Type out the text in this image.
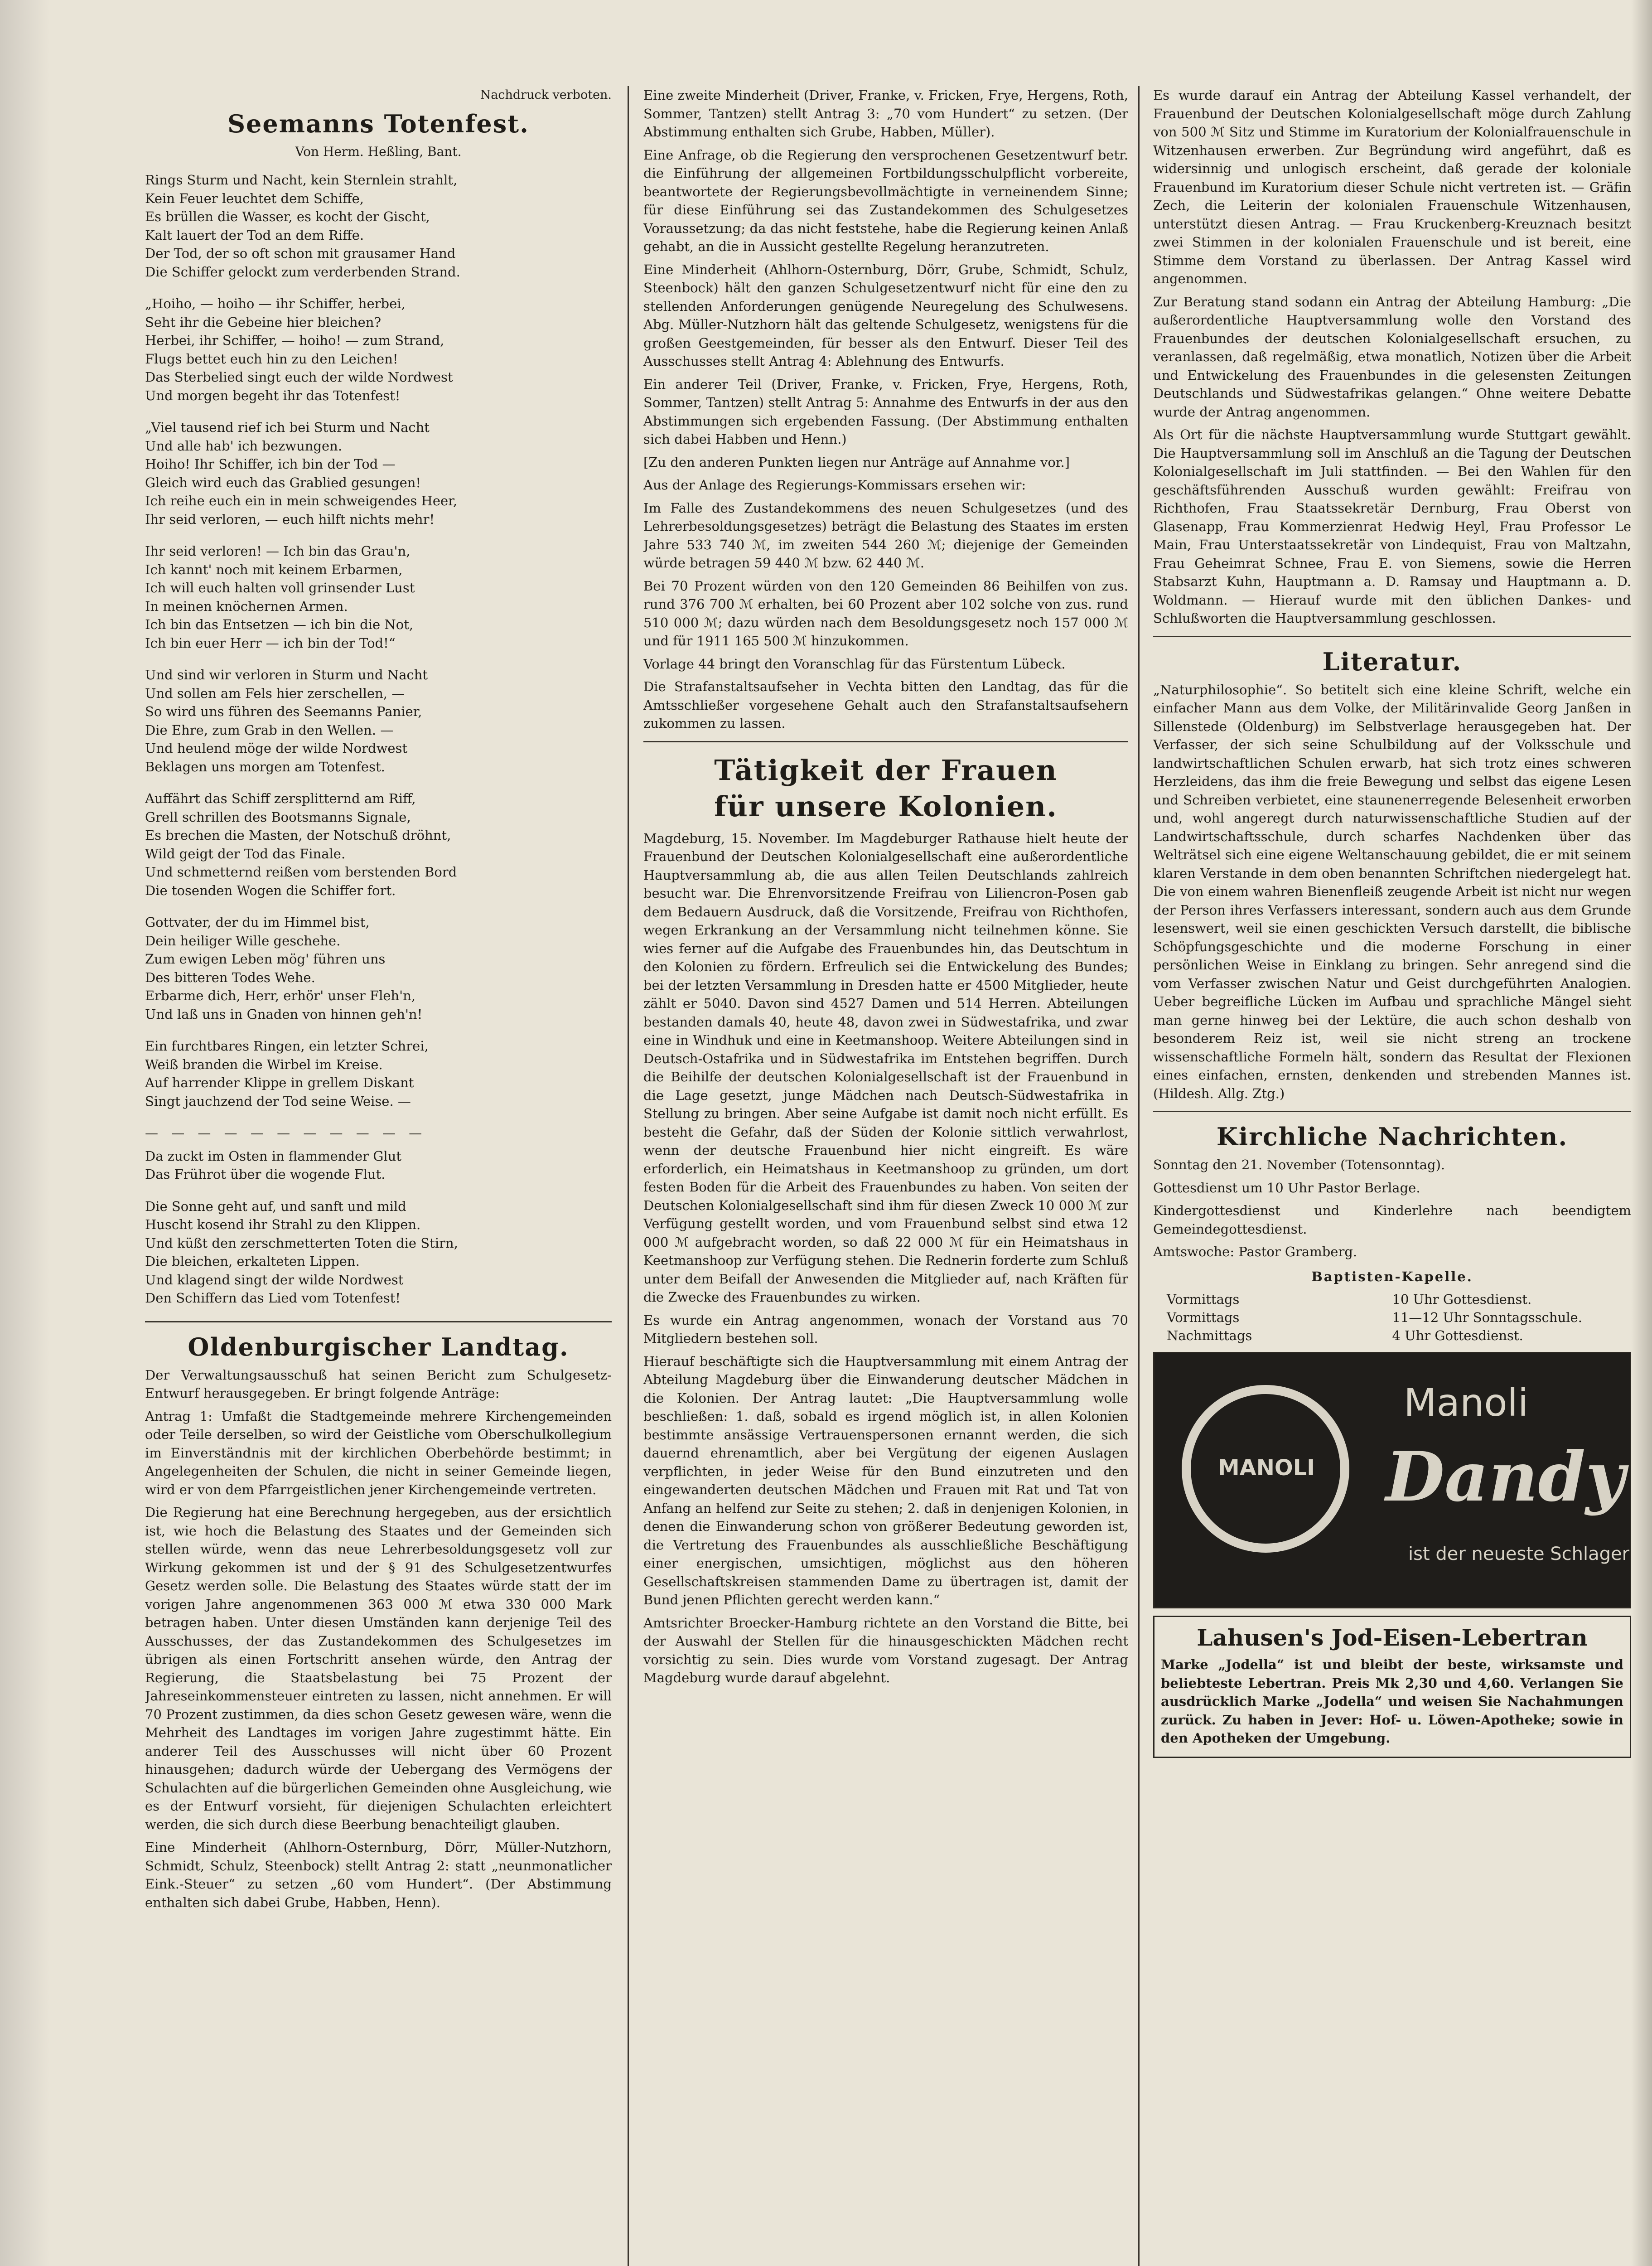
Nachdruck verboten.

Seemanns Totenfest.

Von Herm. Heßling, Bant.

Rings Sturm und Nacht, kein Sternlein strahlt,

Kein Feuer leuchtet dem Schiffe,

Es brüllen die Wasser, es kocht der Gischt,

Kalt lauert der Tod an dem Riffe.

Der Tod, der so oft schon mit grausamer Hand

Die Schiffer gelockt zum verderbenden Strand.

„Hoiho, — hoiho — ihr Schiffer, herbei,

Seht ihr die Gebeine hier bleichen?

Herbei, ihr Schiffer, — hoiho! — zum Strand,

Flugs bettet euch hin zu den Leichen!

Das Sterbelied singt euch der wilde Nordwest

Und morgen begeht ihr das Totenfest!

„Viel tausend rief ich bei Sturm und Nacht

Und alle hab' ich bezwungen.

Hoiho! Ihr Schiffer, ich bin der Tod —

Gleich wird euch das Grablied gesungen!

Ich reihe euch ein in mein schweigendes Heer,

Ihr seid verloren, — euch hilft nichts mehr!

Ihr seid verloren! — Ich bin das Grau'n,

Ich kannt' noch mit keinem Erbarmen,

Ich will euch halten voll grinsender Lust

In meinen knöchernen Armen.

Ich bin das Entsetzen — ich bin die Not,

Ich bin euer Herr — ich bin der Tod!“

Und sind wir verloren in Sturm und Nacht

Und sollen am Fels hier zerschellen, —

So wird uns führen des Seemanns Panier,

Die Ehre, zum Grab in den Wellen. —

Und heulend möge der wilde Nordwest

Beklagen uns morgen am Totenfest.

Auffährt das Schiff zersplitternd am Riff,

Grell schrillen des Bootsmanns Signale,

Es brechen die Masten, der Notschuß dröhnt,

Wild geigt der Tod das Finale.

Und schmetternd reißen vom berstenden Bord

Die tosenden Wogen die Schiffer fort.

Gottvater, der du im Himmel bist,

Dein heiliger Wille geschehe.

Zum ewigen Leben mög' führen uns

Des bitteren Todes Wehe.

Erbarme dich, Herr, erhör' unser Fleh'n,

Und laß uns in Gnaden von hinnen geh'n!

Ein furchtbares Ringen, ein letzter Schrei,

Weiß branden die Wirbel im Kreise.

Auf harrender Klippe in grellem Diskant

Singt jauchzend der Tod seine Weise. —

— — — — — — — — — — —

Da zuckt im Osten in flammender Glut

Das Frührot über die wogende Flut.

Die Sonne geht auf, und sanft und mild

Huscht kosend ihr Strahl zu den Klippen.

Und küßt den zerschmetterten Toten die Stirn,

Die bleichen, erkalteten Lippen.

Und klagend singt der wilde Nordwest

Den Schiffern das Lied vom Totenfest!

Oldenburgischer Landtag.

Der Verwaltungsausschuß hat seinen Bericht zum Schulgesetz-Entwurf herausgegeben. Er bringt folgende Anträge:

Antrag 1: Umfaßt die Stadtgemeinde mehrere Kirchengemeinden oder Teile derselben, so wird der Geistliche vom Oberschulkollegium im Einverständnis mit der kirchlichen Oberbehörde bestimmt; in Angelegenheiten der Schulen, die nicht in seiner Gemeinde liegen, wird er von dem Pfarrgeistlichen jener Kirchengemeinde vertreten.

Die Regierung hat eine Berechnung hergegeben, aus der ersichtlich ist, wie hoch die Belastung des Staates und der Gemeinden sich stellen würde, wenn das neue Lehrerbesoldungsgesetz voll zur Wirkung gekommen ist und der § 91 des Schulgesetzentwurfes Gesetz werden solle. Die Belastung des Staates würde statt der im vorigen Jahre angenommenen 363 000 ℳ etwa 330 000 Mark betragen haben. Unter diesen Umständen kann derjenige Teil des Ausschusses, der das Zustandekommen des Schulgesetzes im übrigen als einen Fortschritt ansehen würde, den Antrag der Regierung, die Staatsbelastung bei 75 Prozent der Jahreseinkommensteuer eintreten zu lassen, nicht annehmen. Er will 70 Prozent zustimmen, da dies schon Gesetz gewesen wäre, wenn die Mehrheit des Landtages im vorigen Jahre zugestimmt hätte. Ein anderer Teil des Ausschusses will nicht über 60 Prozent hinausgehen; dadurch würde der Uebergang des Vermögens der Schulachten auf die bürgerlichen Gemeinden ohne Ausgleichung, wie es der Entwurf vorsieht, für diejenigen Schulachten erleichtert werden, die sich durch diese Beerbung benachteiligt glauben.

Eine Minderheit (Ahlhorn-Osternburg, Dörr, Müller-Nutzhorn, Schmidt, Schulz, Steenbock) stellt Antrag 2: statt „neunmonatlicher Eink.-Steuer“ zu setzen „60 vom Hundert“. (Der Abstimmung enthalten sich dabei Grube, Habben, Henn).

Eine zweite Minderheit (Driver, Franke, v. Fricken, Frye, Hergens, Roth, Sommer, Tantzen) stellt Antrag 3: „70 vom Hundert“ zu setzen. (Der Abstimmung enthalten sich Grube, Habben, Müller).

Eine Anfrage, ob die Regierung den versprochenen Gesetzentwurf betr. die Einführung der allgemeinen Fortbildungsschulpflicht vorbereite, beantwortete der Regierungsbevollmächtigte in verneinendem Sinne; für diese Einführung sei das Zustandekommen des Schulgesetzes Voraussetzung; da das nicht feststehe, habe die Regierung keinen Anlaß gehabt, an die in Aussicht gestellte Regelung heranzutreten.

Eine Minderheit (Ahlhorn-Osternburg, Dörr, Grube, Schmidt, Schulz, Steenbock) hält den ganzen Schulgesetzentwurf nicht für eine den zu stellenden Anforderungen genügende Neuregelung des Schulwesens. Abg. Müller-Nutzhorn hält das geltende Schulgesetz, wenigstens für die großen Geestgemeinden, für besser als den Entwurf. Dieser Teil des Ausschusses stellt Antrag 4: Ablehnung des Entwurfs.

Ein anderer Teil (Driver, Franke, v. Fricken, Frye, Hergens, Roth, Sommer, Tantzen) stellt Antrag 5: Annahme des Entwurfs in der aus den Abstimmungen sich ergebenden Fassung. (Der Abstimmung enthalten sich dabei Habben und Henn.)

[Zu den anderen Punkten liegen nur Anträge auf Annahme vor.]

Aus der Anlage des Regierungs-Kommissars ersehen wir:

Im Falle des Zustandekommens des neuen Schulgesetzes (und des Lehrerbesoldungsgesetzes) beträgt die Belastung des Staates im ersten Jahre 533 740 ℳ, im zweiten 544 260 ℳ; diejenige der Gemeinden würde betragen 59 440 ℳ bzw. 62 440 ℳ.

Bei 70 Prozent würden von den 120 Gemeinden 86 Beihilfen von zus. rund 376 700 ℳ erhalten, bei 60 Prozent aber 102 solche von zus. rund 510 000 ℳ; dazu würden nach dem Besoldungsgesetz noch 157 000 ℳ und für 1911 165 500 ℳ hinzukommen.

Vorlage 44 bringt den Voranschlag für das Fürstentum Lübeck.

Die Strafanstaltsaufseher in Vechta bitten den Landtag, das für die Amtsschließer vorgesehene Gehalt auch den Strafanstaltsaufsehern zukommen zu lassen.

Tätigkeit der Frauen
für unsere Kolonien.

Magdeburg, 15. November. Im Magdeburger Rathause hielt heute der Frauenbund der Deutschen Kolonialgesellschaft eine außerordentliche Hauptversammlung ab, die aus allen Teilen Deutschlands zahlreich besucht war. Die Ehrenvorsitzende Freifrau von Liliencron-Posen gab dem Bedauern Ausdruck, daß die Vorsitzende, Freifrau von Richthofen, wegen Erkrankung an der Versammlung nicht teilnehmen könne. Sie wies ferner auf die Aufgabe des Frauenbundes hin, das Deutschtum in den Kolonien zu fördern. Erfreulich sei die Entwickelung des Bundes; bei der letzten Versammlung in Dresden hatte er 4500 Mitglieder, heute zählt er 5040. Davon sind 4527 Damen und 514 Herren. Abteilungen bestanden damals 40, heute 48, davon zwei in Südwestafrika, und zwar eine in Windhuk und eine in Keetmanshoop. Weitere Abteilungen sind in Deutsch-Ostafrika und in Südwestafrika im Entstehen begriffen. Durch die Beihilfe der deutschen Kolonialgesellschaft ist der Frauenbund in die Lage gesetzt, junge Mädchen nach Deutsch-Südwestafrika in Stellung zu bringen. Aber seine Aufgabe ist damit noch nicht erfüllt. Es besteht die Gefahr, daß der Süden der Kolonie sittlich verwahrlost, wenn der deutsche Frauenbund hier nicht eingreift. Es wäre erforderlich, ein Heimatshaus in Keetmanshoop zu gründen, um dort festen Boden für die Arbeit des Frauenbundes zu haben. Von seiten der Deutschen Kolonialgesellschaft sind ihm für diesen Zweck 10 000 ℳ zur Verfügung gestellt worden, und vom Frauenbund selbst sind etwa 12 000 ℳ aufgebracht worden, so daß 22 000 ℳ für ein Heimatshaus in Keetmanshoop zur Verfügung stehen. Die Rednerin forderte zum Schluß unter dem Beifall der Anwesenden die Mitglieder auf, nach Kräften für die Zwecke des Frauenbundes zu wirken.

Es wurde ein Antrag angenommen, wonach der Vorstand aus 70 Mitgliedern bestehen soll.

Hierauf beschäftigte sich die Hauptversammlung mit einem Antrag der Abteilung Magdeburg über die Einwanderung deutscher Mädchen in die Kolonien. Der Antrag lautet: „Die Hauptversammlung wolle beschließen: 1. daß, sobald es irgend möglich ist, in allen Kolonien bestimmte ansässige Vertrauenspersonen ernannt werden, die sich dauernd ehrenamtlich, aber bei Vergütung der eigenen Auslagen verpflichten, in jeder Weise für den Bund einzutreten und den eingewanderten deutschen Mädchen und Frauen mit Rat und Tat von Anfang an helfend zur Seite zu stehen; 2. daß in denjenigen Kolonien, in denen die Einwanderung schon von größerer Bedeutung geworden ist, die Vertretung des Frauenbundes als ausschließliche Beschäftigung einer energischen, umsichtigen, möglichst aus den höheren Gesellschaftskreisen stammenden Dame zu übertragen ist, damit der Bund jenen Pflichten gerecht werden kann.“

Amtsrichter Broecker-Hamburg richtete an den Vorstand die Bitte, bei der Auswahl der Stellen für die hinausgeschickten Mädchen recht vorsichtig zu sein. Dies wurde vom Vorstand zugesagt. Der Antrag Magdeburg wurde darauf abgelehnt.

Es wurde darauf ein Antrag der Abteilung Kassel verhandelt, der Frauenbund der Deutschen Kolonialgesellschaft möge durch Zahlung von 500 ℳ Sitz und Stimme im Kuratorium der Kolonialfrauenschule in Witzenhausen erwerben. Zur Begründung wird angeführt, daß es widersinnig und unlogisch erscheint, daß gerade der koloniale Frauenbund im Kuratorium dieser Schule nicht vertreten ist. — Gräfin Zech, die Leiterin der kolonialen Frauenschule Witzenhausen, unterstützt diesen Antrag. — Frau Kruckenberg-Kreuznach besitzt zwei Stimmen in der kolonialen Frauenschule und ist bereit, eine Stimme dem Vorstand zu überlassen. Der Antrag Kassel wird angenommen.

Zur Beratung stand sodann ein Antrag der Abteilung Hamburg: „Die außerordentliche Hauptversammlung wolle den Vorstand des Frauenbundes der deutschen Kolonialgesellschaft ersuchen, zu veranlassen, daß regelmäßig, etwa monatlich, Notizen über die Arbeit und Entwickelung des Frauenbundes in die gelesensten Zeitungen Deutschlands und Südwestafrikas gelangen.“ Ohne weitere Debatte wurde der Antrag angenommen.

Als Ort für die nächste Hauptversammlung wurde Stuttgart gewählt. Die Hauptversammlung soll im Anschluß an die Tagung der Deutschen Kolonialgesellschaft im Juli stattfinden. — Bei den Wahlen für den geschäftsführenden Ausschuß wurden gewählt: Freifrau von Richthofen, Frau Staatssekretär Dernburg, Frau Oberst von Glasenapp, Frau Kommerzienrat Hedwig Heyl, Frau Professor Le Main, Frau Unterstaatssekretär von Lindequist, Frau von Maltzahn, Frau Geheimrat Schnee, Frau E. von Siemens, sowie die Herren Stabsarzt Kuhn, Hauptmann a. D. Ramsay und Hauptmann a. D. Woldmann. — Hierauf wurde mit den üblichen Dankes- und Schlußworten die Hauptversammlung geschlossen.

Literatur.

„Naturphilosophie“. So betitelt sich eine kleine Schrift, welche ein einfacher Mann aus dem Volke, der Militärinvalide Georg Janßen in Sillenstede (Oldenburg) im Selbstverlage herausgegeben hat. Der Verfasser, der sich seine Schulbildung auf der Volksschule und landwirtschaftlichen Schulen erwarb, hat sich trotz eines schweren Herzleidens, das ihm die freie Bewegung und selbst das eigene Lesen und Schreiben verbietet, eine staunenerregende Belesenheit erworben und, wohl angeregt durch naturwissenschaftliche Studien auf der Landwirtschaftsschule, durch scharfes Nachdenken über das Welträtsel sich eine eigene Weltanschauung gebildet, die er mit seinem klaren Verstande in dem oben benannten Schriftchen niedergelegt hat. Die von einem wahren Bienenfleiß zeugende Arbeit ist nicht nur wegen der Person ihres Verfassers interessant, sondern auch aus dem Grunde lesenswert, weil sie einen geschickten Versuch darstellt, die biblische Schöpfungsgeschichte und die moderne Forschung in einer persönlichen Weise in Einklang zu bringen. Sehr anregend sind die vom Verfasser zwischen Natur und Geist durchgeführten Analogien. Ueber begreifliche Lücken im Aufbau und sprachliche Mängel sieht man gerne hinweg bei der Lektüre, die auch schon deshalb von besonderem Reiz ist, weil sie nicht streng an trockene wissenschaftliche Formeln hält, sondern das Resultat der Flexionen eines einfachen, ernsten, denkenden und strebenden Mannes ist. (Hildesh. Allg. Ztg.)

Kirchliche Nachrichten.

Sonntag den 21. November (Totensonntag).

Gottesdienst um 10 Uhr Pastor Berlage.

Kindergottesdienst und Kinderlehre nach beendigtem Gemeindegottesdienst.

Amtswoche: Pastor Gramberg.

Baptisten-Kapelle.

Vormittags	10 Uhr Gottesdienst.
Vormittags	11—12 Uhr Sonntagsschule.
Nachmittags	4 Uhr Gottesdienst.
MANOLI
Manoli
Dandy
ist der neueste Schlager
Lahusen's Jod-Eisen-Lebertran

Marke „Jodella“ ist und bleibt der beste, wirksamste und beliebteste Lebertran. Preis Mk 2,30 und 4,60. Verlangen Sie ausdrücklich Marke „Jodella“ und weisen Sie Nachahmungen zurück. Zu haben in Jever: Hof- u. Löwen-Apotheke; sowie in den Apotheken der Umgebung.
